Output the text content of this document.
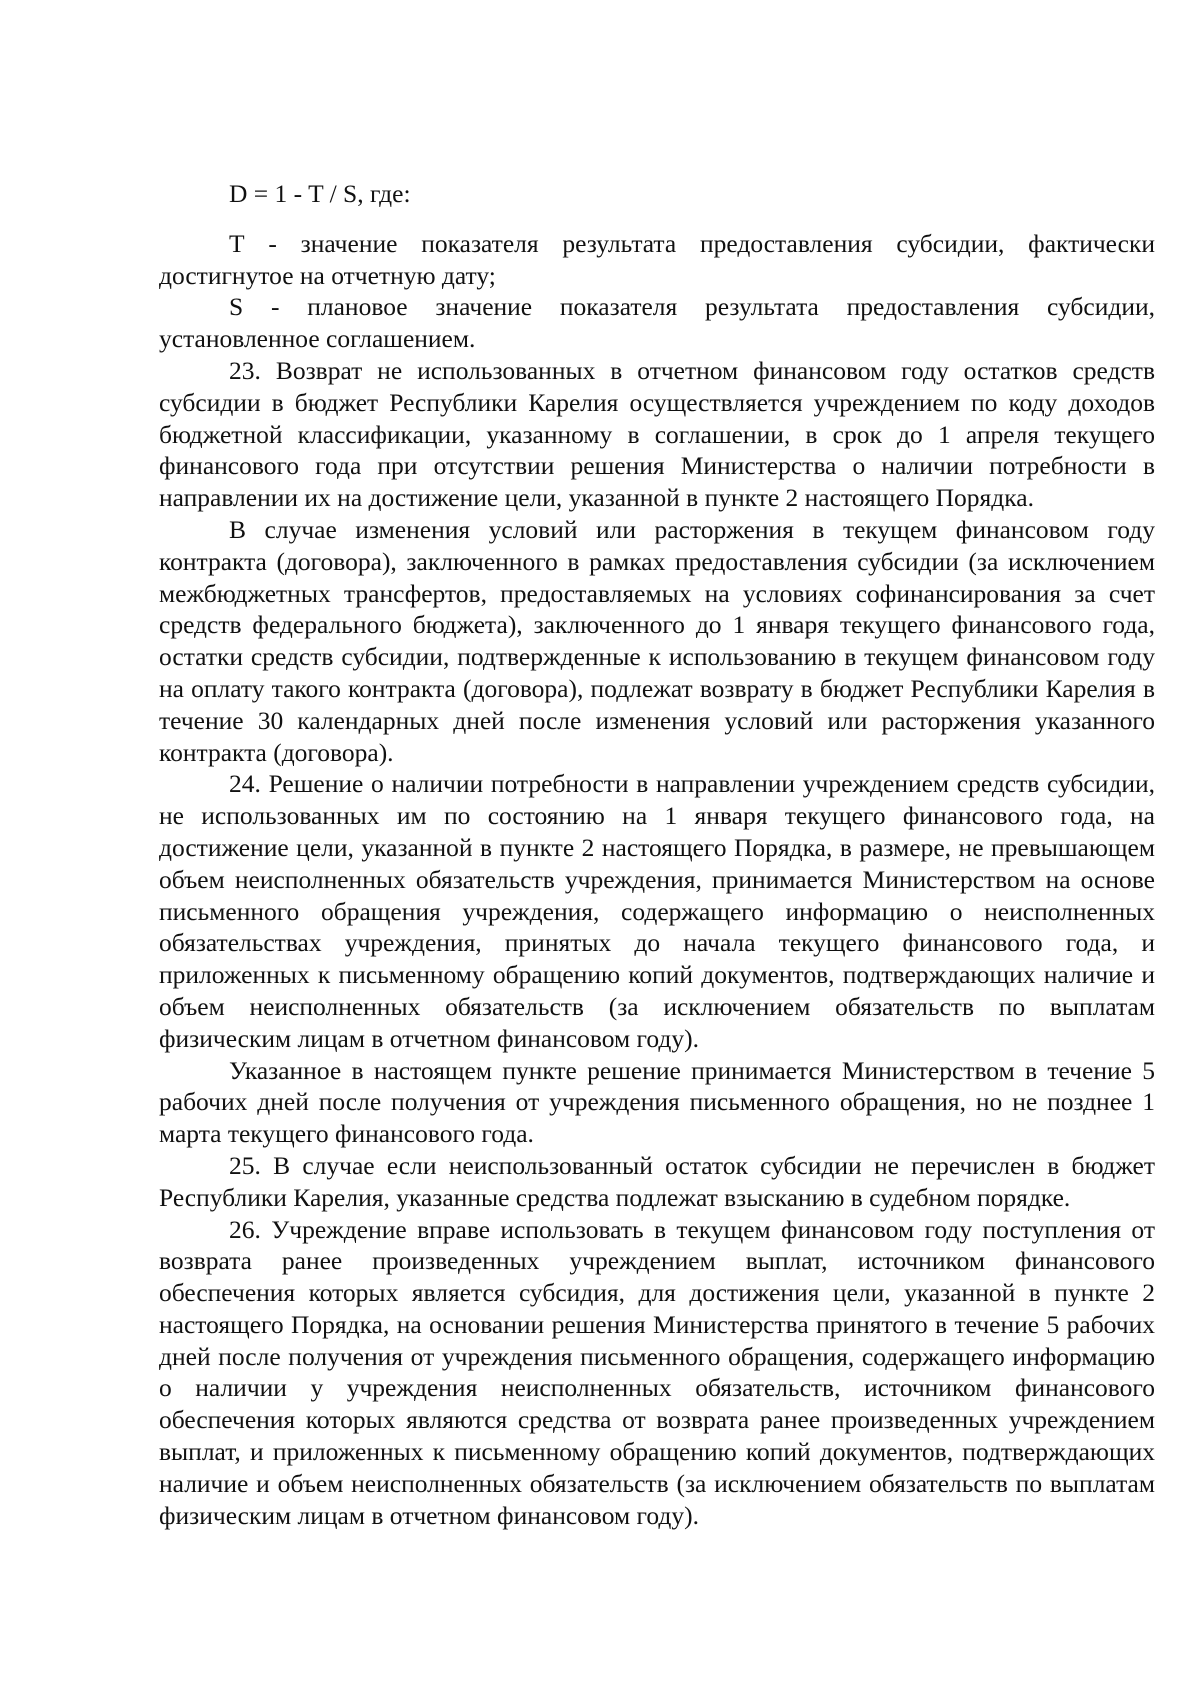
D = 1 - T / S, где:

Т - значение показателя результата предоставления субсидии, фактически достигнутое на отчетную дату;

S - плановое значение показателя результата предоставления субсидии, установленное соглашением.

23. Возврат не использованных в отчетном финансовом году остатков средств субсидии в бюджет Республики Карелия осуществляется учреждением по коду доходов бюджетной классификации, указанному в соглашении, в срок до 1 апреля текущего финансового года при отсутствии решения Министерства о наличии потребности в направлении их на достижение цели, указанной в пункте 2 настоящего Порядка.

В случае изменения условий или расторжения в текущем финансовом году контракта (договора), заключенного в рамках предоставления субсидии (за исключением межбюджетных трансфертов, предоставляемых на условиях софинансирования за счет средств федерального бюджета), заключенного до 1 января текущего финансового года, остатки средств субсидии, подтвержденные к использованию в текущем финансовом году на оплату такого контракта (договора), подлежат возврату в бюджет Республики Карелия в течение 30 календарных дней после изменения условий или расторжения указанного контракта (договора).

24. Решение о наличии потребности в направлении учреждением средств субсидии, не использованных им по состоянию на 1 января текущего финансового года, на достижение цели, указанной в пункте 2 настоящего Порядка, в размере, не превышающем объем неисполненных обязательств учреждения, принимается Министерством на основе письменного обращения учреждения, содержащего информацию о неисполненных обязательствах учреждения, принятых до начала текущего финансового года, и приложенных к письменному обращению копий документов, подтверждающих наличие и объем неисполненных обязательств (за исключением обязательств по выплатам физическим лицам в отчетном финансовом году).

Указанное в настоящем пункте решение принимается Министерством в течение 5 рабочих дней после получения от учреждения письменного обращения, но не позднее 1 марта текущего финансового года.

25. В случае если неиспользованный остаток субсидии не перечислен в бюджет Республики Карелия, указанные средства подлежат взысканию в судебном порядке.

26. Учреждение вправе использовать в текущем финансовом году поступления от возврата ранее произведенных учреждением выплат, источником финансового обеспечения которых является субсидия, для достижения цели, указанной в пункте 2 настоящего Порядка, на основании решения Министерства принятого в течение 5 рабочих дней после получения от учреждения письменного обращения, содержащего информацию о наличии у учреждения неисполненных обязательств, источником финансового обеспечения которых являются средства от возврата ранее произведенных учреждением выплат, и приложенных к письменному обращению копий документов, подтверждающих наличие и объем неисполненных обязательств (за исключением обязательств по выплатам физическим лицам в отчетном финансовом году).
